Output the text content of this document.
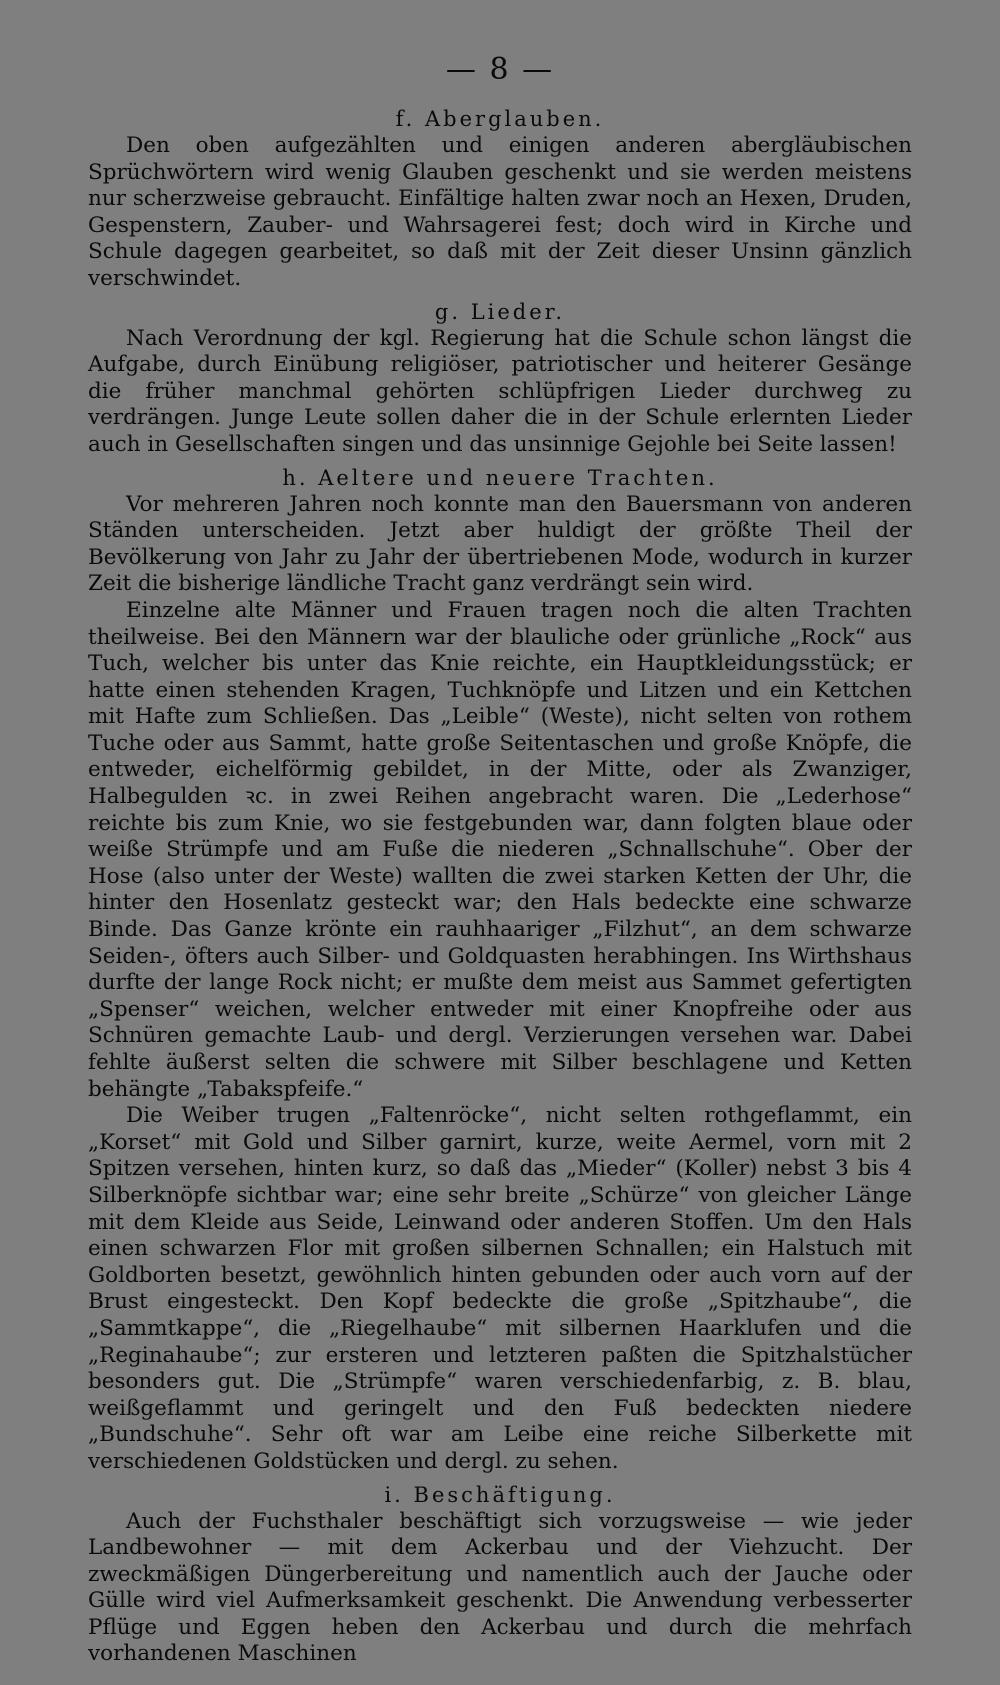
— 8 —
f. Aberglauben.

Den oben aufgezählten und einigen anderen abergläubischen Sprüchwörtern wird wenig Glauben geschenkt und sie werden meistens nur scherzweise gebraucht. Einfältige halten zwar noch an Hexen, Druden, Gespenstern, Zauber- und Wahrsagerei fest; doch wird in Kirche und Schule dagegen gearbeitet, so daß mit der Zeit dieser Unsinn gänzlich verschwindet.

g. Lieder.

Nach Verordnung der kgl. Regierung hat die Schule schon längst die Aufgabe, durch Einübung religiöser, patriotischer und heiterer Gesänge die früher manchmal gehörten schlüpfrigen Lieder durchweg zu verdrängen. Junge Leute sollen daher die in der Schule erlernten Lieder auch in Gesellschaften singen und das unsinnige Gejohle bei Seite lassen!

h. Aeltere und neuere Trachten.

Vor mehreren Jahren noch konnte man den Bauersmann von anderen Ständen unterscheiden. Jetzt aber huldigt der größte Theil der Bevölkerung von Jahr zu Jahr der übertriebenen Mode, wodurch in kurzer Zeit die bisherige ländliche Tracht ganz verdrängt sein wird.

Einzelne alte Männer und Frauen tragen noch die alten Trachten theilweise. Bei den Männern war der blauliche oder grünliche „Rock“ aus Tuch, welcher bis unter das Knie reichte, ein Hauptkleidungsstück; er hatte einen stehenden Kragen, Tuchknöpfe und Litzen und ein Kettchen mit Hafte zum Schließen. Das „Leible“ (Weste), nicht selten von rothem Tuche oder aus Sammt, hatte große Seitentaschen und große Knöpfe, die entweder, eichelförmig gebildet, in der Mitte, oder als Zwanziger, Halbegulden ꝛc. in zwei Reihen angebracht waren. Die „Lederhose“ reichte bis zum Knie, wo sie festgebunden war, dann folgten blaue oder weiße Strümpfe und am Fuße die niederen „Schnallschuhe“. Ober der Hose (also unter der Weste) wallten die zwei starken Ketten der Uhr, die hinter den Hosenlatz gesteckt war; den Hals bedeckte eine schwarze Binde. Das Ganze krönte ein rauhhaariger „Filzhut“, an dem schwarze Seiden-, öfters auch Silber- und Goldquasten herabhingen. Ins Wirthshaus durfte der lange Rock nicht; er mußte dem meist aus Sammet gefertigten „Spenser“ weichen, welcher entweder mit einer Knopfreihe oder aus Schnüren gemachte Laub- und dergl. Verzierungen versehen war. Dabei fehlte äußerst selten die schwere mit Silber beschlagene und Ketten behängte „Tabakspfeife.“

Die Weiber trugen „Faltenröcke“, nicht selten rothgeflammt, ein „Korset“ mit Gold und Silber garnirt, kurze, weite Aermel, vorn mit 2 Spitzen versehen, hinten kurz, so daß das „Mieder“ (Koller) nebst 3 bis 4 Silberknöpfe sichtbar war; eine sehr breite „Schürze“ von gleicher Länge mit dem Kleide aus Seide, Leinwand oder anderen Stoffen. Um den Hals einen schwarzen Flor mit großen silbernen Schnallen; ein Halstuch mit Goldborten besetzt, gewöhnlich hinten gebunden oder auch vorn auf der Brust eingesteckt. Den Kopf bedeckte die große „Spitzhaube“, die „Sammtkappe“, die „Riegelhaube“ mit silbernen Haarklufen und die „Reginahaube“; zur ersteren und letzteren paßten die Spitzhalstücher besonders gut. Die „Strümpfe“ waren verschiedenfarbig, z. B. blau, weißgeflammt und geringelt und den Fuß bedeckten niedere „Bundschuhe“. Sehr oft war am Leibe eine reiche Silberkette mit verschiedenen Goldstücken und dergl. zu sehen.

i. Beschäftigung.

Auch der Fuchsthaler beschäftigt sich vorzugsweise — wie jeder Landbewohner — mit dem Ackerbau und der Viehzucht. Der zweckmäßigen Düngerbereitung und namentlich auch der Jauche oder Gülle wird viel Aufmerksamkeit geschenkt. Die Anwendung verbesserter Pflüge und Eggen heben den Ackerbau und durch die mehrfach vorhandenen Maschinen
